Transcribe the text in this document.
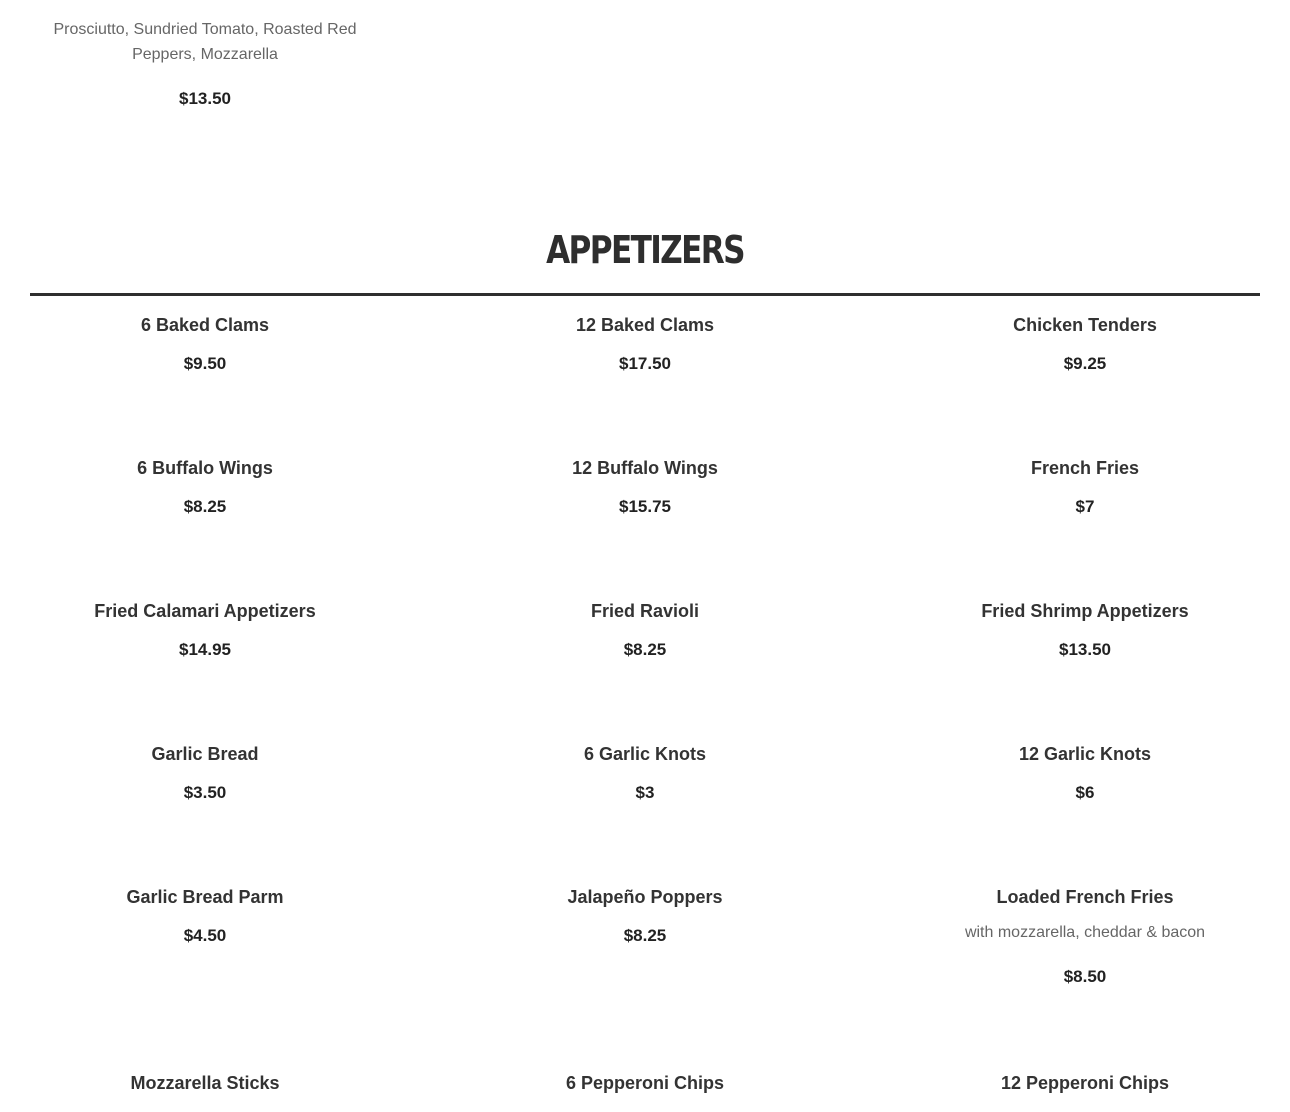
Prosciutto, Sundried Tomato, Roasted Red Peppers, Mozzarella

$13.50
APPETIZERS
6 Baked Clams
$9.50
12 Baked Clams
$17.50
Chicken Tenders
$9.25
6 Buffalo Wings
$8.25
12 Buffalo Wings
$15.75
French Fries
$7
Fried Calamari Appetizers
$14.95
Fried Ravioli
$8.25
Fried Shrimp Appetizers
$13.50
Garlic Bread
$3.50
6 Garlic Knots
$3
12 Garlic Knots
$6
Garlic Bread Parm
$4.50
Jalapeño Poppers
$8.25
Loaded French Fries
with mozzarella, cheddar & bacon
$8.50
Mozzarella Sticks	6 Pepperoni Chips	12 Pepperoni Chips
